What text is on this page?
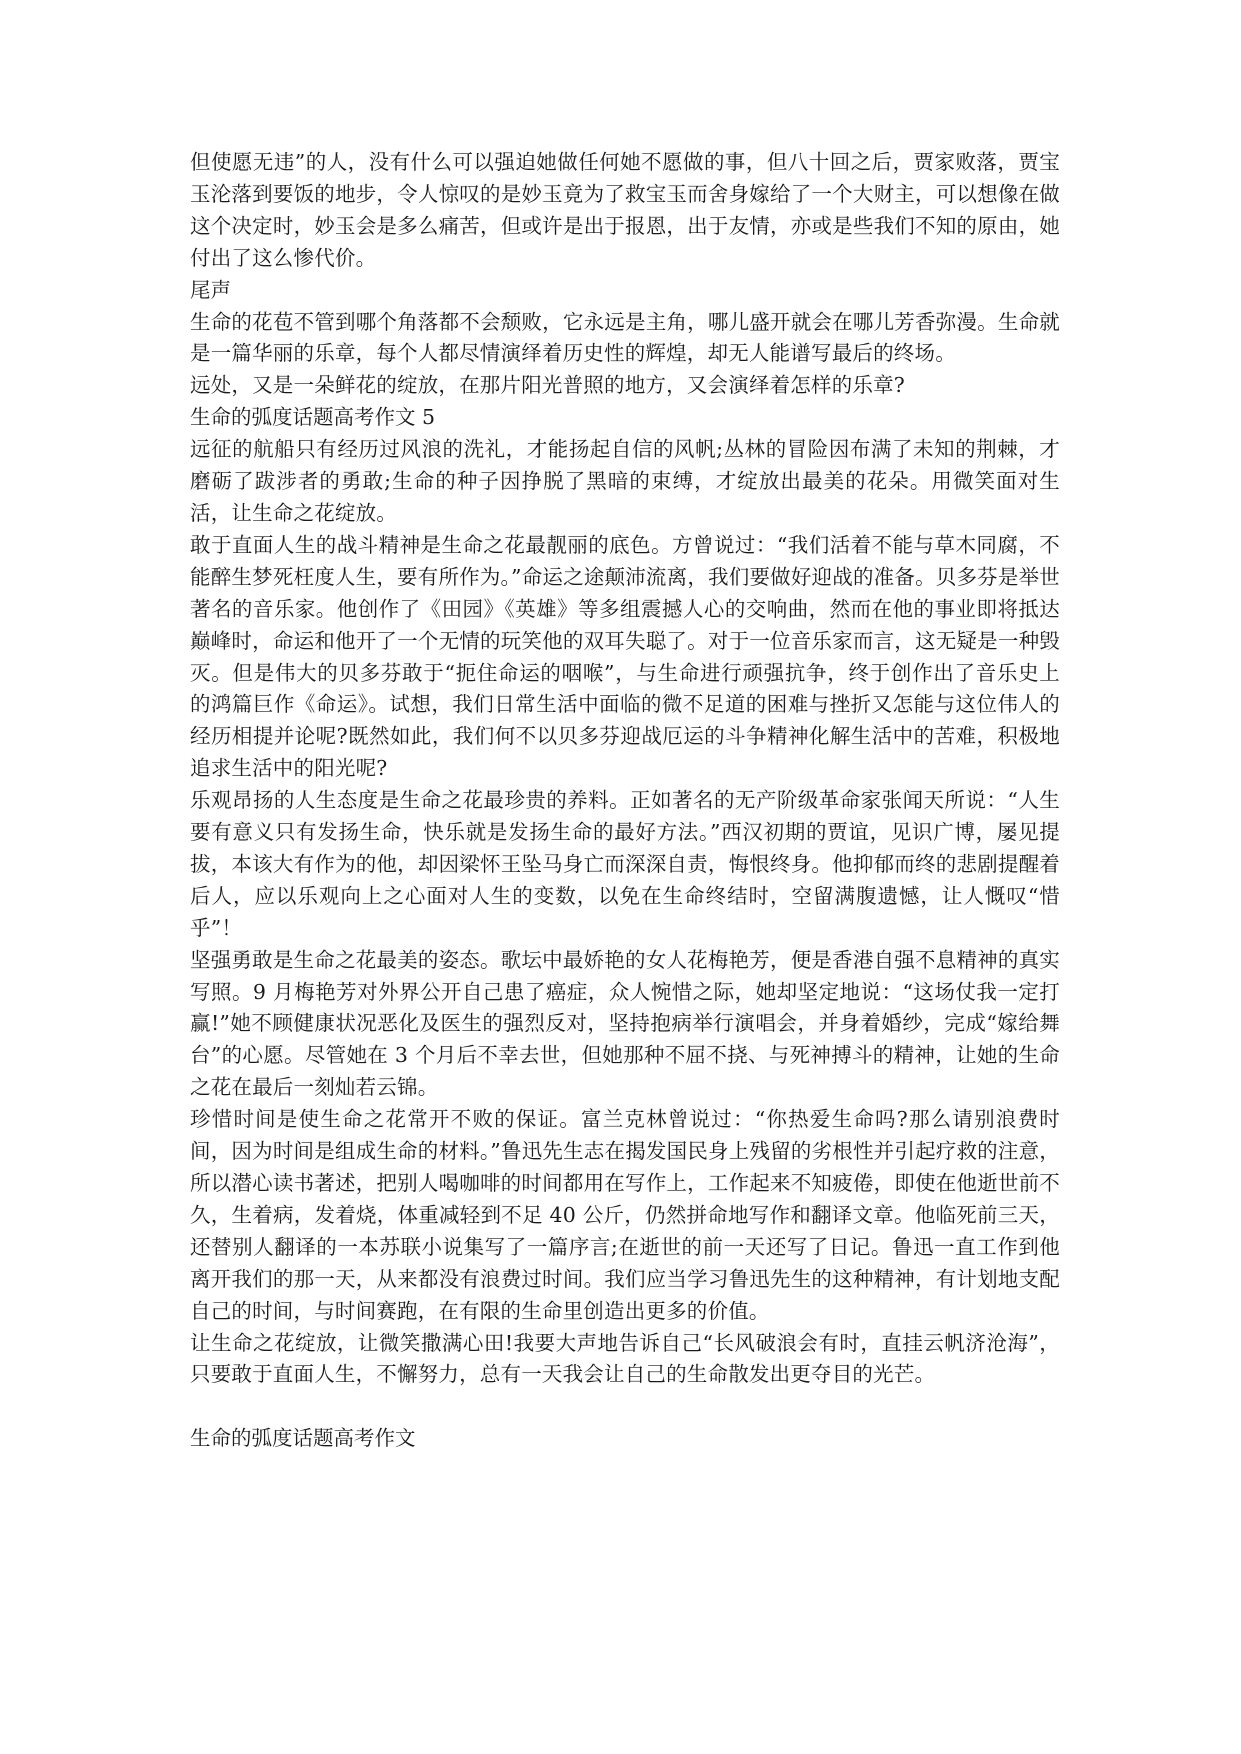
但使愿无违”的人，没有什么可以强迫她做任何她不愿做的事，但八十回之后，贾家败落，贾宝玉沦落到要饭的地步，令人惊叹的是妙玉竟为了救宝玉而舍身嫁给了一个大财主，可以想像在做这个决定时，妙玉会是多么痛苦，但或许是出于报恩，出于友情，亦或是些我们不知的原由，她付出了这么惨代价。

尾声

生命的花苞不管到哪个角落都不会颓败，它永远是主角，哪儿盛开就会在哪儿芳香弥漫。生命就是一篇华丽的乐章，每个人都尽情演绎着历史性的辉煌，却无人能谱写最后的终场。

远处，又是一朵鲜花的绽放，在那片阳光普照的地方，又会演绎着怎样的乐章?

生命的弧度话题高考作文 5

远征的航船只有经历过风浪的洗礼，才能扬起自信的风帆;丛林的冒险因布满了未知的荆棘，才磨砺了跋涉者的勇敢;生命的种子因挣脱了黑暗的束缚，才绽放出最美的花朵。用微笑面对生活，让生命之花绽放。

敢于直面人生的战斗精神是生命之花最靓丽的底色。方曾说过：“我们活着不能与草木同腐，不能醉生梦死枉度人生，要有所作为。”命运之途颠沛流离，我们要做好迎战的准备。贝多芬是举世著名的音乐家。他创作了《田园》《英雄》等多组震撼人心的交响曲，然而在他的事业即将抵达巅峰时，命运和他开了一个无情的玩笑他的双耳失聪了。对于一位音乐家而言，这无疑是一种毁灭。但是伟大的贝多芬敢于“扼住命运的咽喉”，与生命进行顽强抗争，终于创作出了音乐史上的鸿篇巨作《命运》。试想，我们日常生活中面临的微不足道的困难与挫折又怎能与这位伟人的经历相提并论呢?既然如此，我们何不以贝多芬迎战厄运的斗争精神化解生活中的苦难，积极地追求生活中的阳光呢?

乐观昂扬的人生态度是生命之花最珍贵的养料。正如著名的无产阶级革命家张闻天所说：“人生要有意义只有发扬生命，快乐就是发扬生命的最好方法。”西汉初期的贾谊，见识广博，屡见提拔，本该大有作为的他，却因梁怀王坠马身亡而深深自责，悔恨终身。他抑郁而终的悲剧提醒着后人，应以乐观向上之心面对人生的变数，以免在生命终结时，空留满腹遗憾，让人慨叹“惜乎”！

坚强勇敢是生命之花最美的姿态。歌坛中最娇艳的女人花梅艳芳，便是香港自强不息精神的真实写照。9 月梅艳芳对外界公开自己患了癌症，众人惋惜之际，她却坚定地说：“这场仗我一定打赢!”她不顾健康状况恶化及医生的强烈反对，坚持抱病举行演唱会，并身着婚纱，完成“嫁给舞台”的心愿。尽管她在 3 个月后不幸去世，但她那种不屈不挠、与死神搏斗的精神，让她的生命之花在最后一刻灿若云锦。

珍惜时间是使生命之花常开不败的保证。富兰克林曾说过：“你热爱生命吗?那么请别浪费时间，因为时间是组成生命的材料。”鲁迅先生志在揭发国民身上残留的劣根性并引起疗救的注意，所以潜心读书著述，把别人喝咖啡的时间都用在写作上，工作起来不知疲倦，即使在他逝世前不久，生着病，发着烧，体重减轻到不足 40 公斤，仍然拼命地写作和翻译文章。他临死前三天，还替别人翻译的一本苏联小说集写了一篇序言;在逝世的前一天还写了日记。鲁迅一直工作到他离开我们的那一天，从来都没有浪费过时间。我们应当学习鲁迅先生的这种精神，有计划地支配自己的时间，与时间赛跑，在有限的生命里创造出更多的价值。

让生命之花绽放，让微笑撒满心田!我要大声地告诉自己“长风破浪会有时，直挂云帆济沧海”，只要敢于直面人生，不懈努力，总有一天我会让自己的生命散发出更夺目的光芒。

生命的弧度话题高考作文
